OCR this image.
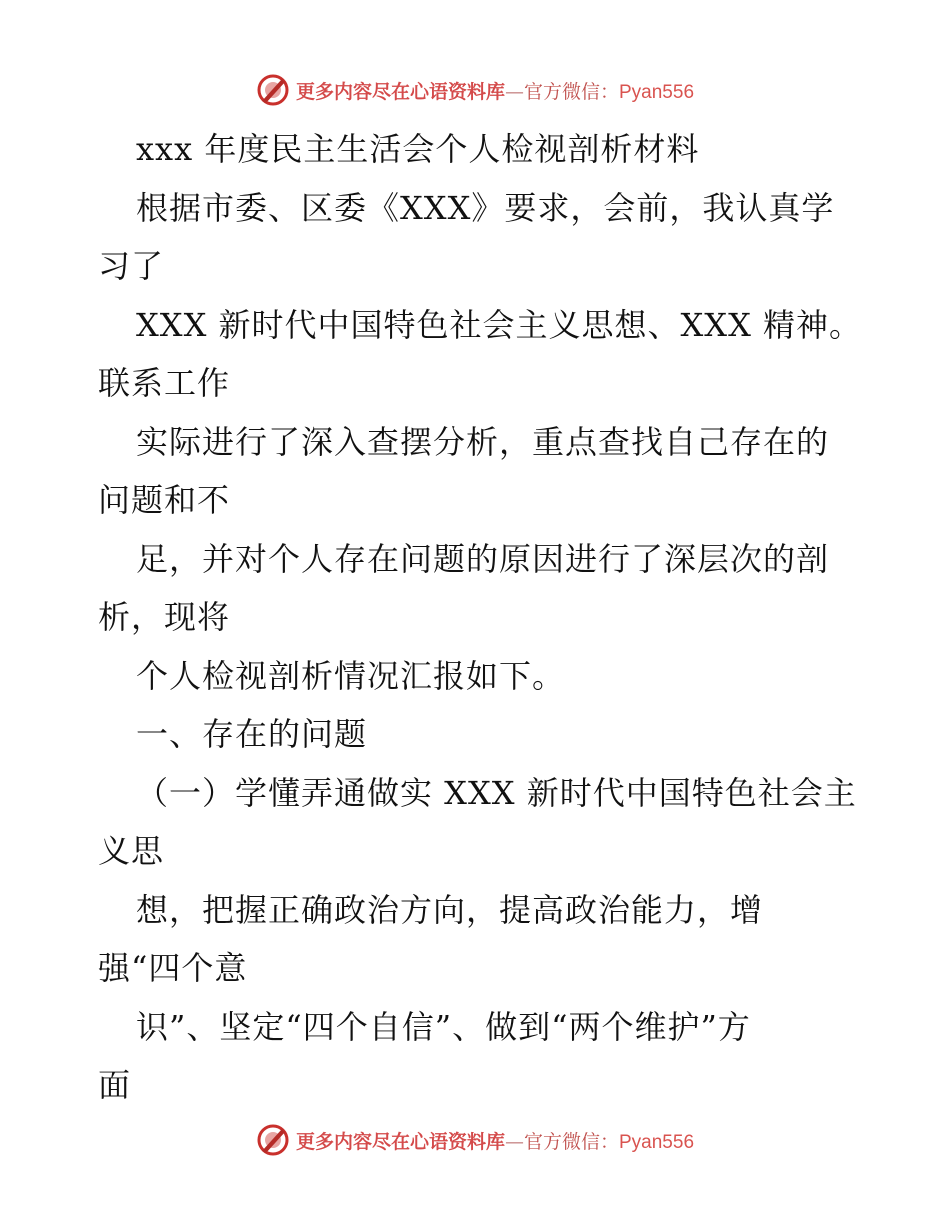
更多内容尽在心语资料库—官方微信：Pyan556
xxx 年度民主生活会个人检视剖析材料
根据市委、区委《XXX》要求，会前，我认真学
习了
XXX 新时代中国特色社会主义思想、XXX 精神。
联系工作
实际进行了深入查摆分析，重点查找自己存在的
问题和不
足，并对个人存在问题的原因进行了深层次的剖
析，现将
个人检视剖析情况汇报如下。
一、存在的问题
（一）学懂弄通做实 XXX 新时代中国特色社会主
义思
想，把握正确政治方向，提高政治能力，增
强“四个意
识”、坚定“四个自信”、做到“两个维护”方
面
更多内容尽在心语资料库—官方微信：Pyan556
